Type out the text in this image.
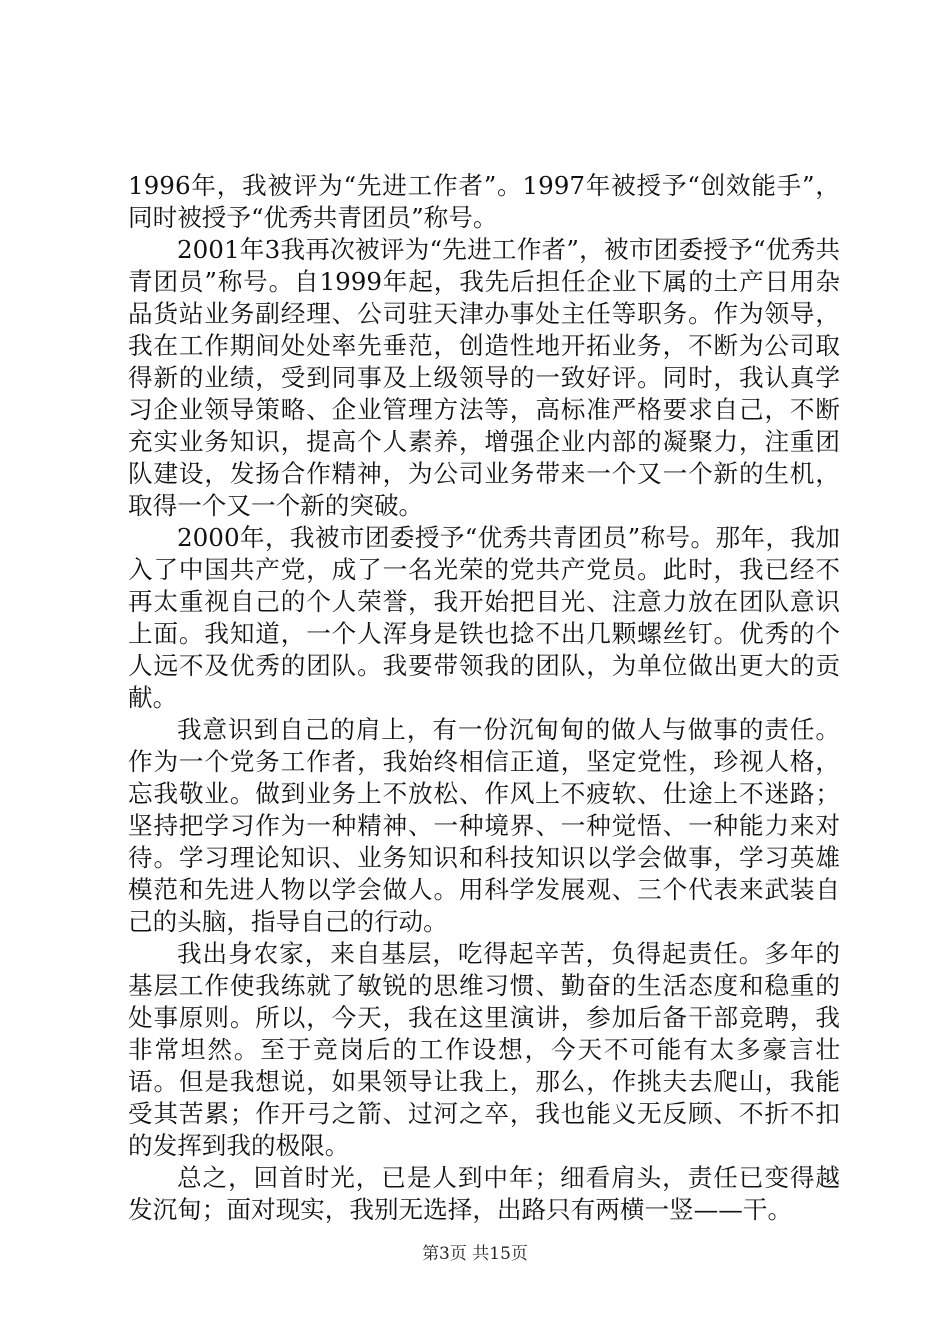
1996年，我被评为“先进工作者”。1997年被授予“创效能手”，同时被授予“优秀共青团员”称号。

2001年3我再次被评为“先进工作者”，被市团委授予“优秀共青团员”称号。自1999年起，我先后担任企业下属的土产日用杂品货站业务副经理、公司驻天津办事处主任等职务。作为领导，我在工作期间处处率先垂范，创造性地开拓业务，不断为公司取得新的业绩，受到同事及上级领导的一致好评。同时，我认真学习企业领导策略、企业管理方法等，高标准严格要求自己，不断充实业务知识，提高个人素养，增强企业内部的凝聚力，注重团队建设，发扬合作精神，为公司业务带来一个又一个新的生机，取得一个又一个新的突破。

2000年，我被市团委授予“优秀共青团员”称号。那年，我加入了中国共产党，成了一名光荣的党共产党员。此时，我已经不再太重视自己的个人荣誉，我开始把目光、注意力放在团队意识上面。我知道，一个人浑身是铁也捻不出几颗螺丝钉。优秀的个人远不及优秀的团队。我要带领我的团队，为单位做出更大的贡献。

我意识到自己的肩上，有一份沉甸甸的做人与做事的责任。作为一个党务工作者，我始终相信正道，坚定党性，珍视人格，忘我敬业。做到业务上不放松、作风上不疲软、仕途上不迷路；坚持把学习作为一种精神、一种境界、一种觉悟、一种能力来对待。学习理论知识、业务知识和科技知识以学会做事，学习英雄模范和先进人物以学会做人。用科学发展观、三个代表来武装自己的头脑，指导自己的行动。

我出身农家，来自基层，吃得起辛苦，负得起责任。多年的基层工作使我练就了敏锐的思维习惯、勤奋的生活态度和稳重的处事原则。所以，今天，我在这里演讲，参加后备干部竞聘，我非常坦然。至于竞岗后的工作设想，今天不可能有太多豪言壮语。但是我想说，如果领导让我上，那么，作挑夫去爬山，我能受其苦累；作开弓之箭、过河之卒，我也能义无反顾、不折不扣的发挥到我的极限。

总之，回首时光，已是人到中年；细看肩头，责任已变得越发沉甸；面对现实，我别无选择，出路只有两横一竖——干。

第3页 共15页
